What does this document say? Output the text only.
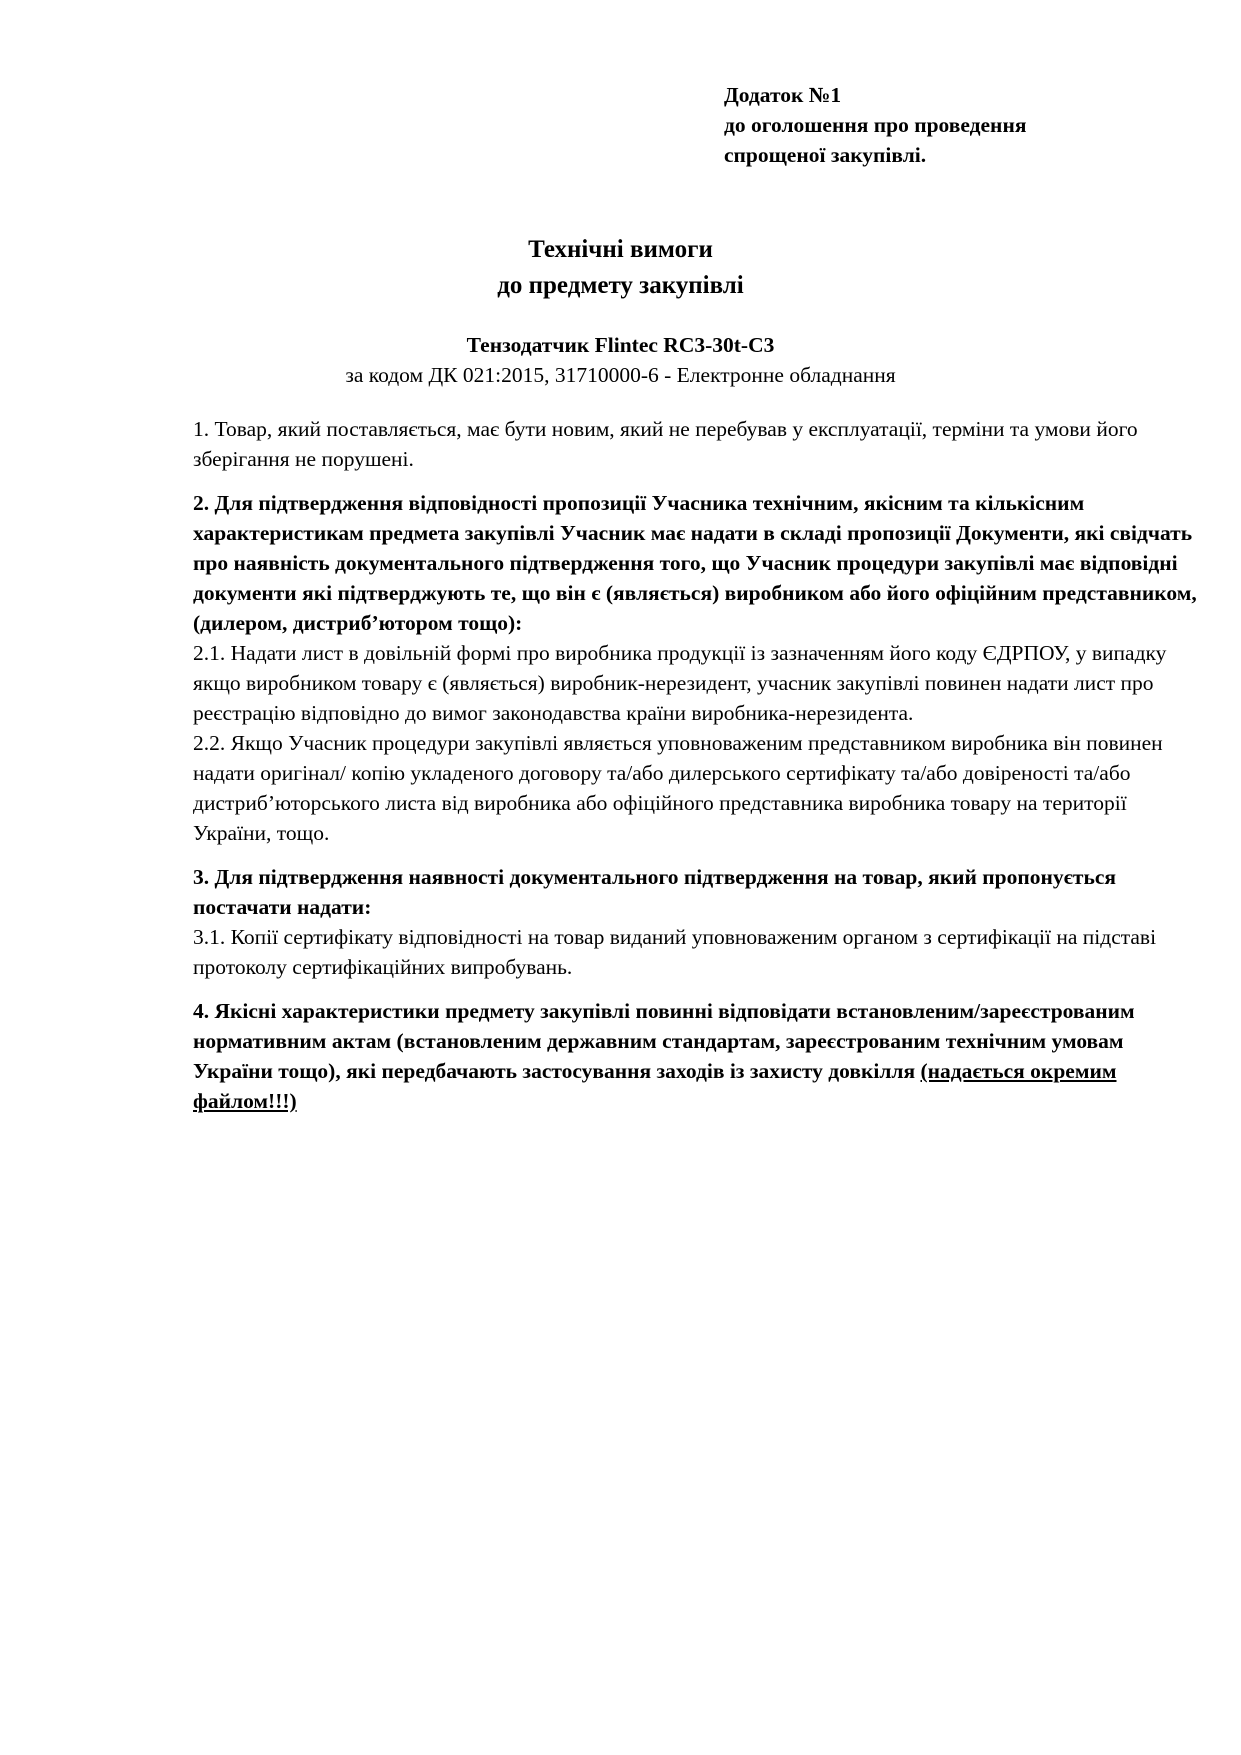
Додаток №1
до оголошення про проведення
спрощеної закупівлі.
Технічні вимоги
до предмету закупівлі
Тензодатчик Flintec RC3-30t-C3
за кодом ДК 021:2015, 31710000-6 - Електронне обладнання

1. Товар, який поставляється, має бути новим, який не перебував у експлуатації, терміни та умови його зберігання не порушені.

2. Для підтвердження відповідності пропозиції Учасника технічним, якісним та кількісним характеристикам предмета закупівлі Учасник має надати в складі пропозиції Документи, які свідчать про наявність документального підтвердження того, що Учасник процедури закупівлі має відповідні документи які підтверджують те, що він є (являється) виробником або його офіційним представником, (дилером, дистриб’ютором тощо):

2.1. Надати лист в довільній формі про виробника продукції із зазначенням його коду ЄДРПОУ, у випадку якщо виробником товару є (являється) виробник-нерезидент, учасник закупівлі повинен надати лист про реєстрацію відповідно до вимог законодавства країни виробника-нерезидента.

2.2. Якщо Учасник процедури закупівлі являється уповноваженим представником виробника він повинен надати оригінал/ копію укладеного договору та/або дилерського сертифікату та/або довіреності та/або дистриб’юторського листа від виробника або офіційного представника виробника товару на території України, тощо.

3. Для підтвердження наявності документального підтвердження на товар, який пропонується постачати надати:

3.1. Копії сертифікату відповідності на товар виданий уповноваженим органом з сертифікації на підставі протоколу сертифікаційних випробувань.

4. Якісні характеристики предмету закупівлі повинні відповідати встановленим/зареєстрованим нормативним актам (встановленим державним стандартам, зареєстрованим технічним умовам України тощо), які передбачають застосування заходів із захисту довкілля (надається окремим файлом!!!)
